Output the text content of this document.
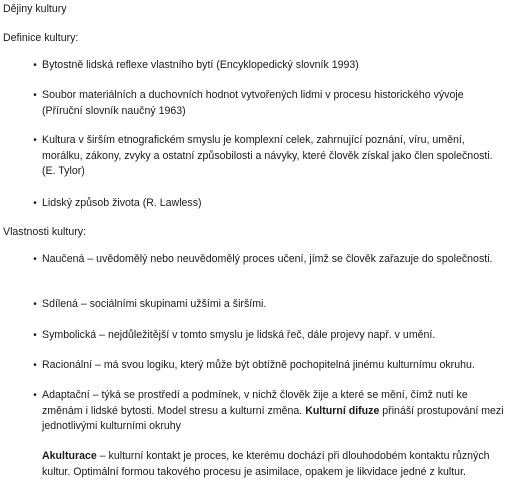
Dějiny kultury
Definice kultury:
• Bytostně lidská reflexe vlastního bytí (Encyklopedický slovník 1993)
• Soubor materiálních a duchovních hodnot vytvořených lidmi v procesu historického vývoje (Příruční slovník naučný 1963)
• Kultura v širším etnografickém smyslu je komplexní celek, zahrnující poznání, víru, umění, morálku, zákony, zvyky a ostatní způsobilosti a návyky, které člověk získal jako člen společnosti. (E. Tylor)
• Lidský způsob života (R. Lawless)
Vlastnosti kultury:
• Naučená – uvědomělý nebo neuvědomělý proces učení, jímž se člověk zařazuje do společnosti.
• Sdílená – sociálními skupinami užšími a širšími.
• Symbolická – nejdůležitější v tomto smyslu je lidská řeč, dále projevy např. v umění.
• Racionální – má svou logiku, který může být obtížně pochopitelná jinému kulturnímu okruhu.
• Adaptační – týká se prostředí a podmínek, v nichž člověk žije a které se mění, čímž nutí ke změnám i lidské bytosti. Model stresu a kulturní změna. Kulturní difuze přináší prostupování mezi jednotlivými kulturními okruhy
Akulturace – kulturní kontakt je proces, ke kterému dochází při dlouhodobém kontaktu různých kultur. Optimální formou takového procesu je asimilace, opakem je likvidace jedné z kultur.
